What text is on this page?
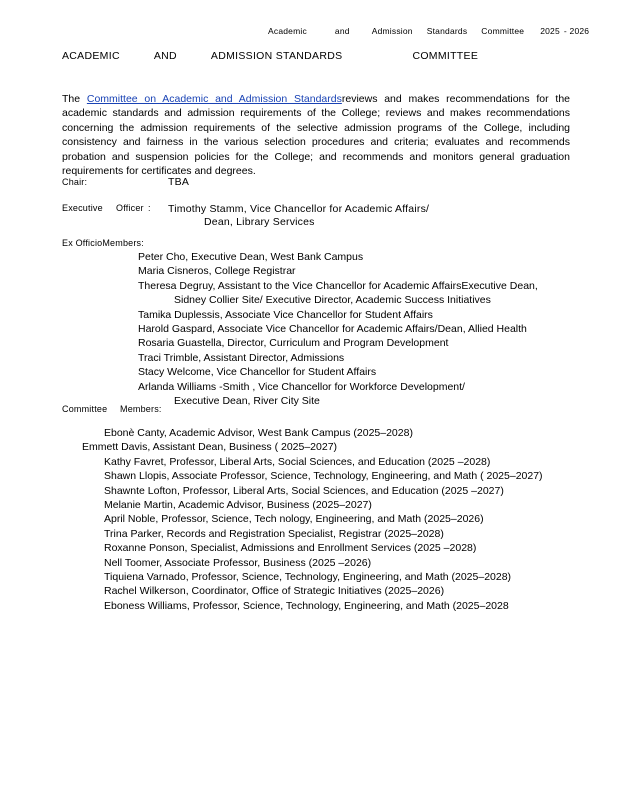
Academic	and	Admission Standards Committee 2025 - 2026
ACADEMIC	AND	ADMISSION STANDARDS	COMMITTEE

The Committee on Academic and Admission Standardsreviews and makes recommendations for the academic standards and admission requirements of the College; reviews and makes recommendations concerning the admission requirements of the selective admission programs of the College, including consistency and fairness in the various selection procedures and criteria; evaluates and recommends probation and suspension policies for the College; and recommends and monitors general graduation requirements for certificates and degrees.

Chair:	TBA
Executive Officer : Timothy Stamm, Vice Chancellor for Academic Affairs/
Dean, Library Services
Ex OfficioMembers:
Peter Cho, Executive Dean, West Bank Campus
Maria Cisneros, College Registrar
Theresa Degruy, Assistant to the Vice Chancellor for Academic AffairsExecutive Dean,
Sidney Collier Site/ Executive Director, Academic Success Initiatives
Tamika Duplessis, Associate Vice Chancellor for Student Affairs
Harold Gaspard, Associate Vice Chancellor for Academic Affairs/Dean, Allied Health
Rosaria Guastella, Director, Curriculum and Program Development
Traci Trimble, Assistant Director, Admissions
Stacy Welcome, Vice Chancellor for Student Affairs
Arlanda Williams -Smith , Vice Chancellor for Workforce Development/
Executive Dean, River City Site
Committee Members:
Ebonè Canty, Academic Advisor, West Bank Campus (2025–2028)
Emmett Davis, Assistant Dean, Business ( 2025–2027)
Kathy Favret, Professor, Liberal Arts, Social Sciences, and Education (2025 –2028)
Shawn Llopis, Associate Professor, Science, Technology, Engineering, and Math ( 2025–2027)
Shawnte Lofton, Professor, Liberal Arts, Social Sciences, and Education (2025 –2027)
Melanie Martin, Academic Advisor, Business (2025–2027)
April Noble, Professor, Science, Tech nology, Engineering, and Math (2025–2026)
Trina Parker, Records and Registration Specialist, Registrar (2025–2028)
Roxanne Ponson, Specialist, Admissions and Enrollment Services (2025 –2028)
Nell Toomer, Associate Professor, Business (2025 –2026)
Tiquiena Varnado, Professor, Science, Technology, Engineering, and Math (2025–2028)
Rachel Wilkerson, Coordinator, Office of Strategic Initiatives (2025–2026)
Eboness Williams, Professor, Science, Technology, Engineering, and Math (2025–2028
